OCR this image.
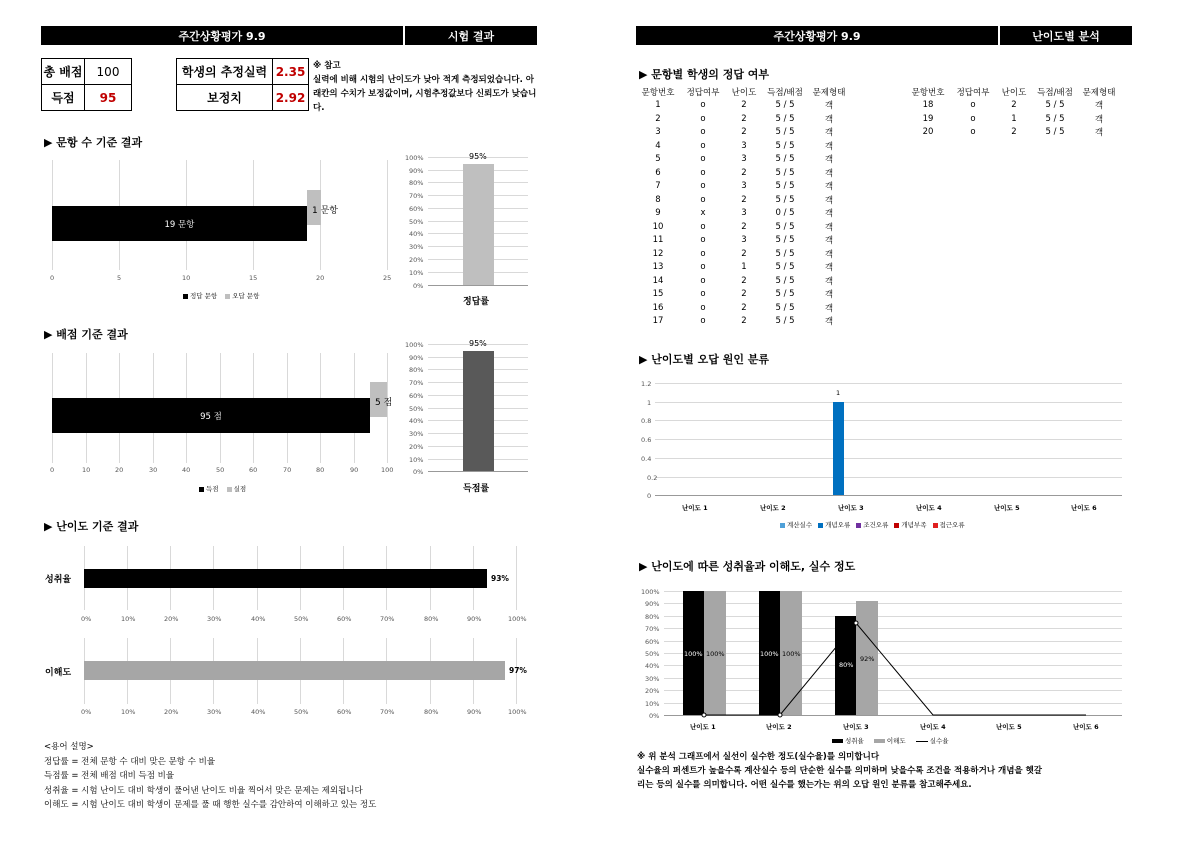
주간상황평가 9.9	시험 결과
총 배점	100
득점	95
학생의 추정실력	2.35
보정치	2.92
※ 참고
실력에 비해 시험의 난이도가 낮아 적게 측정되었습니다. 아래칸의 수치가 보정값이며, 시험추정값보다 신뢰도가 낮습니다.
▶ 문항 수 기준 결과
19 문항
1 문항
0	5	10	15	20	25
정답 문항	오답 문항
100%
90%
80%
70%
60%
50%
40%
30%
20%
10%
0%
95%
정답률
▶ 배점 기준 결과
95 점
5 점
0	10	20	30	40	50	60	70	80	90	100
득점	실점
100%
90%
80%
70%
60%
50%
40%
30%
20%
10%
0%
95%
득점률
▶ 난이도 기준 결과
성취율	93%
0%	10%	20%	30%	40%	50%	60%	70%	80%	90%	100%
이해도	97%
0%	10%	20%	30%	40%	50%	60%	70%	80%	90%	100%
<용어 설명>
정답률 = 전체 문항 수 대비 맞은 문항 수 비율
득점률 = 전체 배점 대비 득점 비율
성취율 = 시험 난이도 대비 학생이 풀어낸 난이도 비율 찍어서 맞은 문제는 제외됩니다
이해도 = 시험 난이도 대비 학생이 문제를 풀 때 행한 실수를 감안하여 이해하고 있는 정도
주간상황평가 9.9	난이도별 분석
▶ 문항별 학생의 정답 여부
문항번호	정답여부	난이도	득점/배점	문제형태
1	o	2	5 / 5	객
2	o	2	5 / 5	객
3	o	2	5 / 5	객
4	o	3	5 / 5	객
5	o	3	5 / 5	객
6	o	2	5 / 5	객
7	o	3	5 / 5	객
8	o	2	5 / 5	객
9	x	3	0 / 5	객
10	o	2	5 / 5	객
11	o	3	5 / 5	객
12	o	2	5 / 5	객
13	o	1	5 / 5	객
14	o	2	5 / 5	객
15	o	2	5 / 5	객
16	o	2	5 / 5	객
17	o	2	5 / 5	객
문항번호	정답여부	난이도	득점/배점	문제형태
18	o	2	5 / 5	객
19	o	1	5 / 5	객
20	o	2	5 / 5	객
▶ 난이도별 오답 원인 분류
1.2
1
0.8
0.6
0.4
0.2
0
1
난이도 1	난이도 2	난이도 3	난이도 4	난이도 5	난이도 6
계산실수	개념오류	조건오류	개념부족	접근오류
▶ 난이도에 따른 성취율과 이해도, 실수 정도
100%
90%
80%
70%
60%
50%
40%
30%
20%
10%
0%
100% 100%	100% 100%
80%
92%
난이도 1	난이도 2	난이도 3	난이도 4	난이도 5	난이도 6
성취율	이해도	실수율
※ 위 분석 그래프에서 실선이 실수한 정도(실수율)를 의미합니다
실수율의 퍼센트가 높을수록 계산실수 등의 단순한 실수를 의미하며 낮을수록 조건을 적용하거나 개념을 헷갈
리는 등의 실수를 의미합니다. 어떤 실수를 했는가는 위의 오답 원인 분류를 참고해주세요.
